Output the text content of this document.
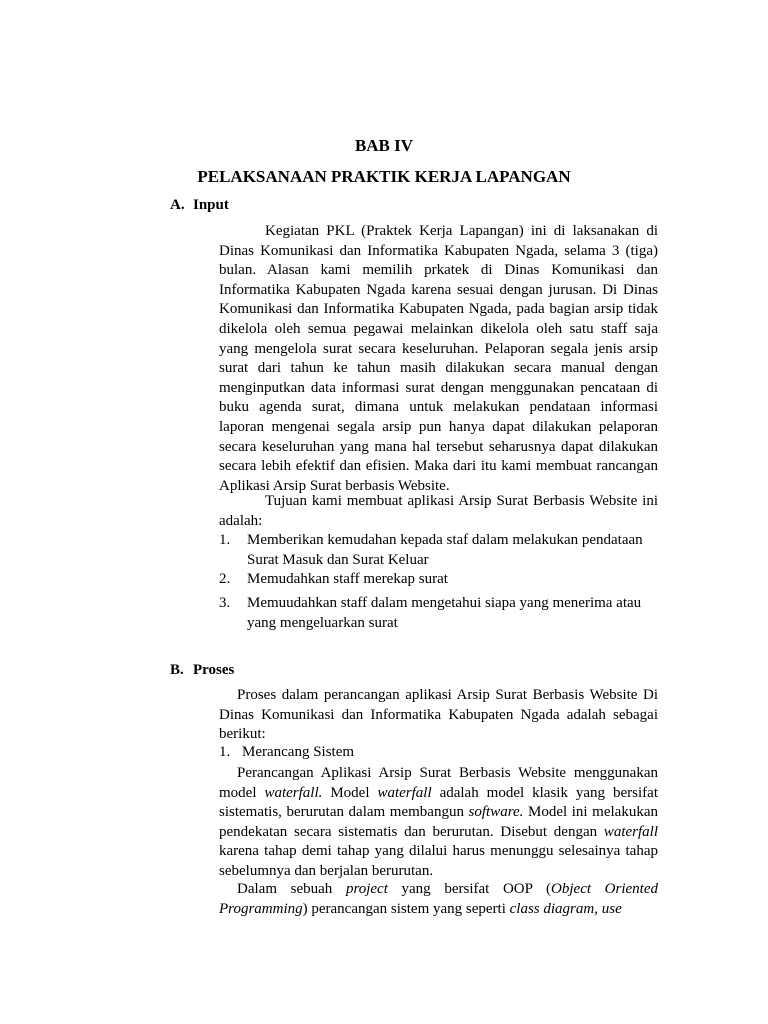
BAB IV
PELAKSANAAN PRAKTIK KERJA LAPANGAN
A. Input

Kegiatan PKL (Praktek Kerja Lapangan) ini di laksanakan di Dinas Komunikasi dan Informatika Kabupaten Ngada, selama 3 (tiga) bulan. Alasan kami memilih prkatek di Dinas Komunikasi dan Informatika Kabupaten Ngada karena sesuai dengan jurusan. Di Dinas Komunikasi dan Informatika Kabupaten Ngada, pada bagian arsip tidak dikelola oleh semua pegawai melainkan dikelola oleh satu staff saja yang mengelola surat secara keseluruhan. Pelaporan segala jenis arsip surat dari tahun ke tahun masih dilakukan secara manual dengan menginputkan data informasi surat dengan menggunakan pencataan di buku agenda surat, dimana untuk melakukan pendataan informasi laporan mengenai segala arsip pun hanya dapat dilakukan pelaporan secara keseluruhan yang mana hal tersebut seharusnya dapat dilakukan secara lebih efektif dan efisien. Maka dari itu kami membuat rancangan Aplikasi Arsip Surat berbasis Website.

Tujuan kami membuat aplikasi Arsip Surat Berbasis Website ini adalah:

1. Memberikan kemudahan kepada staf dalam melakukan pendataan Surat Masuk dan Surat Keluar
2. Memudahkan staff merekap surat
3. Memuudahkan staff dalam mengetahui siapa yang menerima atau yang mengeluarkan surat
B. Proses

Proses dalam perancangan aplikasi Arsip Surat Berbasis Website Di Dinas Komunikasi dan Informatika Kabupaten Ngada adalah sebagai berikut:

1. Merancang Sistem

Perancangan Aplikasi Arsip Surat Berbasis Website menggunakan model waterfall. Model waterfall adalah model klasik yang bersifat sistematis, berurutan dalam membangun software. Model ini melakukan pendekatan secara sistematis dan berurutan. Disebut dengan waterfall karena tahap demi tahap yang dilalui harus menunggu selesainya tahap sebelumnya dan berjalan berurutan.

Dalam sebuah project yang bersifat OOP (Object Oriented Programming) perancangan sistem yang seperti class diagram, use
